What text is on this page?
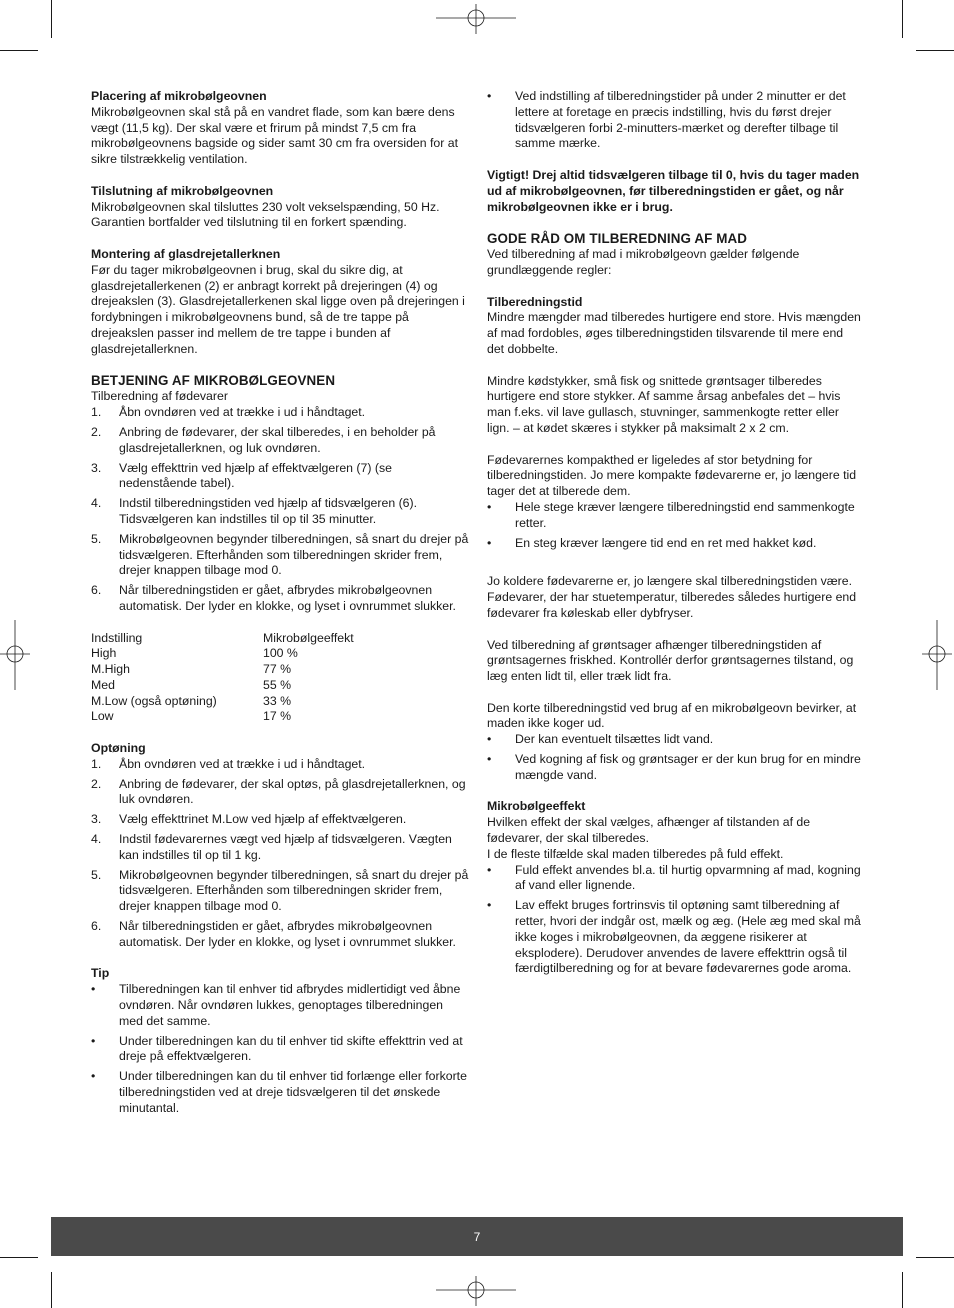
Placering af mikrobølgeovnen

Mikrobølgeovnen skal stå på en vandret flade, som kan bære dens vægt (11,5 kg). Der skal være et frirum på mindst 7,5 cm fra mikrobølgeovnens bagside og sider samt 30 cm fra oversiden for at sikre tilstrækkelig ventilation.

Tilslutning af mikrobølgeovnen

Mikrobølgeovnen skal tilsluttes 230 volt vekselspænding, 50 Hz. Garantien bortfalder ved tilslutning til en forkert spænding.

Montering af glasdrejetallerknen

Før du tager mikrobølgeovnen i brug, skal du sikre dig, at glasdrejetallerkenen (2) er anbragt korrekt på drejeringen (4) og drejeakslen (3). Glasdrejetallerkenen skal ligge oven på drejeringen i fordybningen i mikrobølgeovnens bund, så de tre tappe på drejeakslen passer ind mellem de tre tappe i bunden af glasdrejetallerknen.

BETJENING AF MIKROBØLGEOVNEN
Tilberedning af fødevarer
1. Åbn ovndøren ved at trække i ud i håndtaget.
2. Anbring de fødevarer, der skal tilberedes, i en beholder på glasdrejetallerknen, og luk ovndøren.
3. Vælg effekttrin ved hjælp af effektvælgeren (7) (se nedenstående tabel).
4. Indstil tilberedningstiden ved hjælp af tidsvælgeren (6). Tidsvælgeren kan indstilles til op til 35 minutter.
5. Mikrobølgeovnen begynder tilberedningen, så snart du drejer på tidsvælgeren. Efterhånden som tilberedningen skrider frem, drejer knappen tilbage mod 0.
6. Når tilberedningstiden er gået, afbrydes mikrobølgeovnen automatisk. Der lyder en klokke, og lyset i ovnrummet slukker.
Indstilling	Mikrobølgeeffekt
High	100 %
M.High	77 %
Med	55 %
M.Low (også optøning)	33 %
Low	17 %
Optøning
1. Åbn ovndøren ved at trække i ud i håndtaget.
2. Anbring de fødevarer, der skal optøs, på glasdrejetallerknen, og luk ovndøren.
3. Vælg effekttrinet M.Low ved hjælp af effektvælgeren.
4. Indstil fødevarernes vægt ved hjælp af tidsvælgeren. Vægten kan indstilles til op til 1 kg.
5. Mikrobølgeovnen begynder tilberedningen, så snart du drejer på tidsvælgeren. Efterhånden som tilberedningen skrider frem, drejer knappen tilbage mod 0.
6. Når tilberedningstiden er gået, afbrydes mikrobølgeovnen automatisk. Der lyder en klokke, og lyset i ovnrummet slukker.
Tip
• Tilberedningen kan til enhver tid afbrydes midlertidigt ved åbne ovndøren. Når ovndøren lukkes, genoptages tilberedningen med det samme.
• Under tilberedningen kan du til enhver tid skifte effekttrin ved at dreje på effektvælgeren.
• Under tilberedningen kan du til enhver tid forlænge eller forkorte tilberedningstiden ved at dreje tidsvælgeren til det ønskede minutantal.
• Ved indstilling af tilberedningstider på under 2 minutter er det lettere at foretage en præcis indstilling, hvis du først drejer tidsvælgeren forbi 2-minutters-mærket og derefter tilbage til samme mærke.

Vigtigt! Drej altid tidsvælgeren tilbage til 0, hvis du tager maden ud af mikrobølgeovnen, før tilberedningstiden er gået, og når mikrobølgeovnen ikke er i brug.

GODE RÅD OM TILBEREDNING AF MAD

Ved tilberedning af mad i mikrobølgeovn gælder følgende grundlæggende regler:

Tilberedningstid

Mindre mængder mad tilberedes hurtigere end store. Hvis mængden af mad fordobles, øges tilberedningstiden tilsvarende til mere end det dobbelte.

Mindre kødstykker, små fisk og snittede grøntsager tilberedes hurtigere end store stykker. Af samme årsag anbefales det – hvis man f.eks. vil lave gullasch, stuvninger, sammenkogte retter eller lign. – at kødet skæres i stykker på maksimalt 2 x 2 cm.

Fødevarernes kompakthed er ligeledes af stor betydning for tilberedningstiden. Jo mere kompakte fødevarerne er, jo længere tid tager det at tilberede dem.

• Hele stege kræver længere tilberedningstid end sammenkogte retter.
• En steg kræver længere tid end en ret med hakket kød.

Jo koldere fødevarerne er, jo længere skal tilberedningstiden være. Fødevarer, der har stuetemperatur, tilberedes således hurtigere end fødevarer fra køleskab eller dybfryser.

Ved tilberedning af grøntsager afhænger tilberedningstiden af grøntsagernes friskhed. Kontrollér derfor grøntsagernes tilstand, og læg enten lidt til, eller træk lidt fra.

Den korte tilberedningstid ved brug af en mikrobølgeovn bevirker, at maden ikke koger ud.

• Der kan eventuelt tilsættes lidt vand.
• Ved kogning af fisk og grøntsager er der kun brug for en mindre mængde vand.
Mikrobølgeeffekt
Hvilken effekt der skal vælges, afhænger af tilstanden af de fødevarer, der skal tilberedes.
I de fleste tilfælde skal maden tilberedes på fuld effekt.
• Fuld effekt anvendes bl.a. til hurtig opvarmning af mad, kogning af vand eller lignende.
• Lav effekt bruges fortrinsvis til optøning samt tilberedning af retter, hvori der indgår ost, mælk og æg. (Hele æg med skal må ikke koges i mikrobølgeovnen, da æggene risikerer at eksplodere). Derudover anvendes de lavere effekttrin også til færdigtilberedning og for at bevare fødevarernes gode aroma.
7
